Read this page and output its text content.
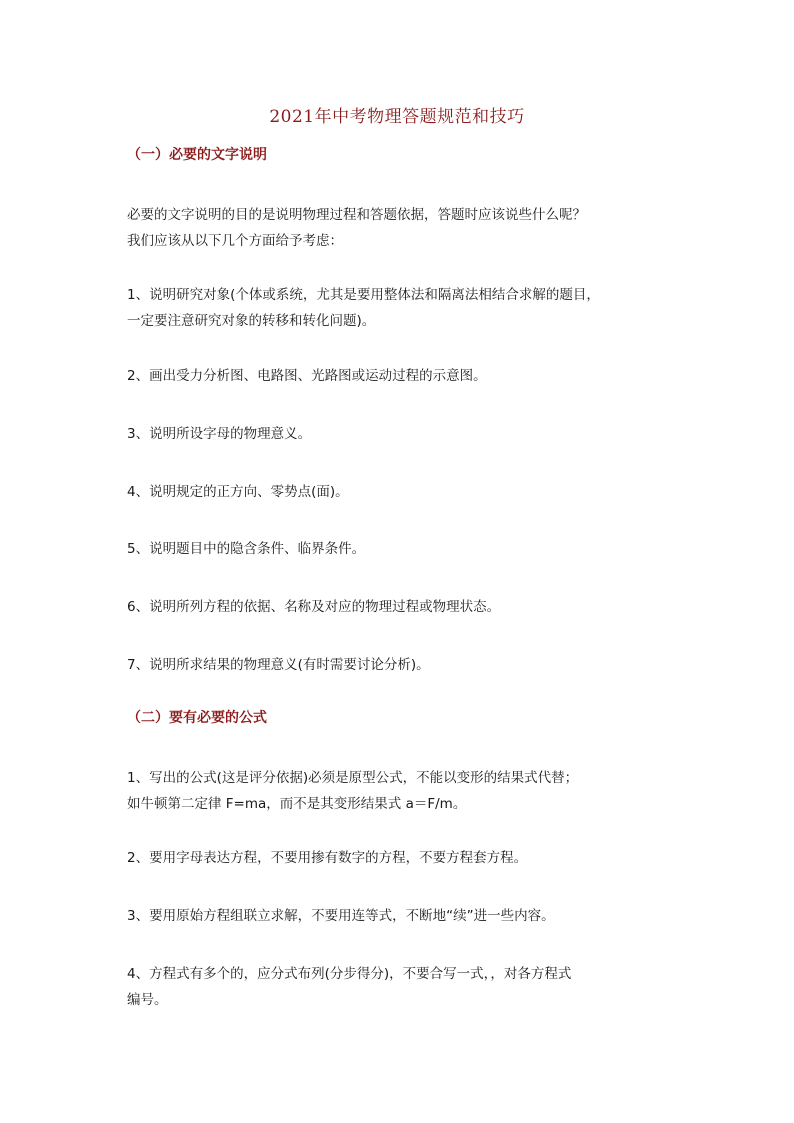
2021年中考物理答题规范和技巧
（一）必要的文字说明
必要的文字说明的目的是说明物理过程和答题依据，答题时应该说些什么呢？
我们应该从以下几个方面给予考虑：
1、说明研究对象(个体或系统，尤其是要用整体法和隔离法相结合求解的题目，
一定要注意研究对象的转移和转化问题)。
2、画出受力分析图、电路图、光路图或运动过程的示意图。
3、说明所设字母的物理意义。
4、说明规定的正方向、零势点(面)。
5、说明题目中的隐含条件、临界条件。
6、说明所列方程的依据、名称及对应的物理过程或物理状态。
7、说明所求结果的物理意义(有时需要讨论分析)。
（二）要有必要的公式
1、写出的公式(这是评分依据)必须是原型公式，不能以变形的结果式代替；
如牛顿第二定律 F=ma，而不是其变形结果式 a＝F/m。
2、要用字母表达方程，不要用掺有数字的方程，不要方程套方程。
3、要用原始方程组联立求解，不要用连等式，不断地“续”进一些内容。
4、方程式有多个的，应分式布列(分步得分)，不要合写一式，，对各方程式
编号。
